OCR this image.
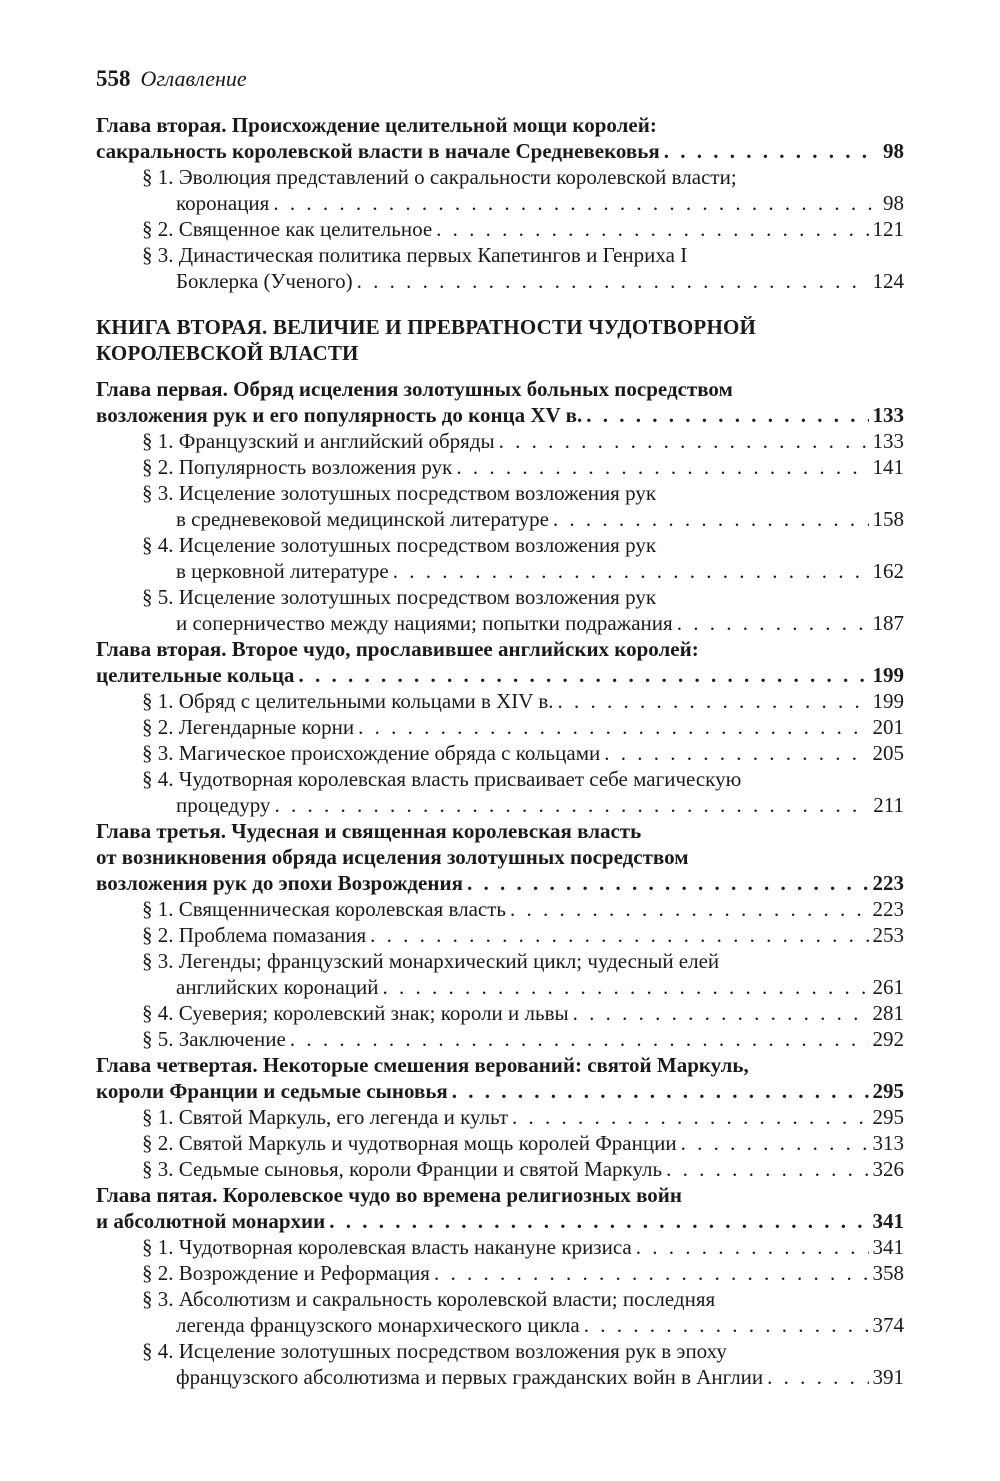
558 Оглавление
Глава вторая. Происхождение целительной мощи королей:
сакральность королевской власти в начале Средневековья . . .	98
§ 1. Эволюция представлений о сакральности королевской власти;
коронация . . .	98
§ 2. Священное как целительное . . .	121
§ 3. Династическая политика первых Капетингов и Генриха I
Боклерка (Ученого) . . .	124
КНИГА ВТОРАЯ. ВЕЛИЧИЕ И ПРЕВРАТНОСТИ ЧУДОТВОРНОЙ
КОРОЛЕВСКОЙ ВЛАСТИ
Глава первая. Обряд исцеления золотушных больных посредством
возложения рук и его популярность до конца XV в. . . .	133
§ 1. Французский и английский обряды . . .	133
§ 2. Популярность возложения рук . . .	141
§ 3. Исцеление золотушных посредством возложения рук
в средневековой медицинской литературе . . .	158
§ 4. Исцеление золотушных посредством возложения рук
в церковной литературе . . .	162
§ 5. Исцеление золотушных посредством возложения рук
и соперничество между нациями; попытки подражания . . .	187
Глава вторая. Второе чудо, прославившее английских королей:
целительные кольца . . .	199
§ 1. Обряд с целительными кольцами в XIV в. . . .	199
§ 2. Легендарные корни . . .	201
§ 3. Магическое происхождение обряда с кольцами . . .	205
§ 4. Чудотворная королевская власть присваивает себе магическую
процедуру . . .	211
Глава третья. Чудесная и священная королевская власть
от возникновения обряда исцеления золотушных посредством
возложения рук до эпохи Возрождения . . .	223
§ 1. Священническая королевская власть . . .	223
§ 2. Проблема помазания . . .	253
§ 3. Легенды; французский монархический цикл; чудесный елей
английских коронаций . . .	261
§ 4. Суеверия; королевский знак; короли и львы . . .	281
§ 5. Заключение . . .	292
Глава четвертая. Некоторые смешения верований: святой Маркуль,
короли Франции и седьмые сыновья . . .	295
§ 1. Святой Маркуль, его легенда и культ . . .	295
§ 2. Святой Маркуль и чудотворная мощь королей Франции . . .	313
§ 3. Седьмые сыновья, короли Франции и святой Маркуль . . .	326
Глава пятая. Королевское чудо во времена религиозных войн
и абсолютной монархии . . .	341
§ 1. Чудотворная королевская власть накануне кризиса . . .	341
§ 2. Возрождение и Реформация . . .	358
§ 3. Абсолютизм и сакральность королевской власти; последняя
легенда французского монархического цикла . . .	374
§ 4. Исцеление золотушных посредством возложения рук в эпоху
французского абсолютизма и первых гражданских войн в Англии . . .	391
